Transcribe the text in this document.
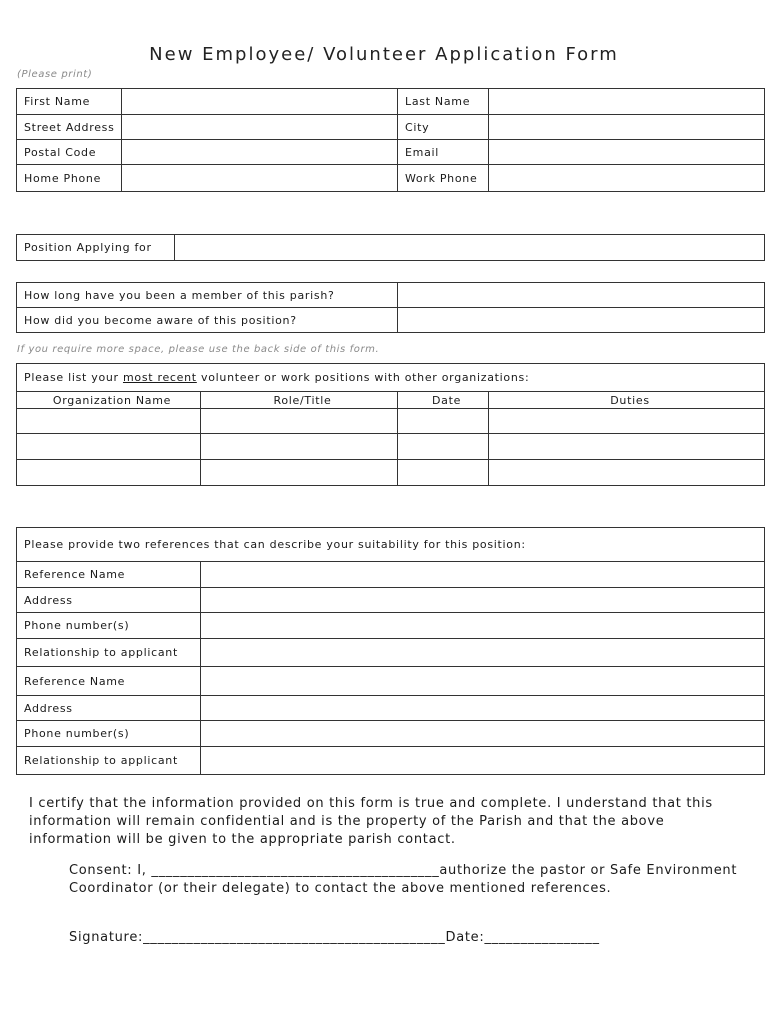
New Employee/ Volunteer Application Form
(Please print)
First Name		Last Name	
Street Address		City	
Postal Code		Email	
Home Phone		Work Phone	
Position Applying for	
How long have you been a member of this parish?	
How did you become aware of this position?	
If you require more space, please use the back side of this form.
Please list your most recent volunteer or work positions with other organizations:			
Organization Name	Role/Title	Date	Duties

Please provide two references that can describe your suitability for this position:	
Reference Name	
Address	
Phone number(s)	
Relationship to applicant	
Reference Name	
Address	
Phone number(s)	
Relationship to applicant	
I certify that the information provided on this form is true and complete. I understand that this information will remain confidential and is the property of the Parish and that the above information will be given to the appropriate parish contact.
Consent: I, ________________________________________authorize the pastor or Safe Environment Coordinator (or their delegate) to contact the above mentioned references.
Signature:__________________________________________Date:________________
